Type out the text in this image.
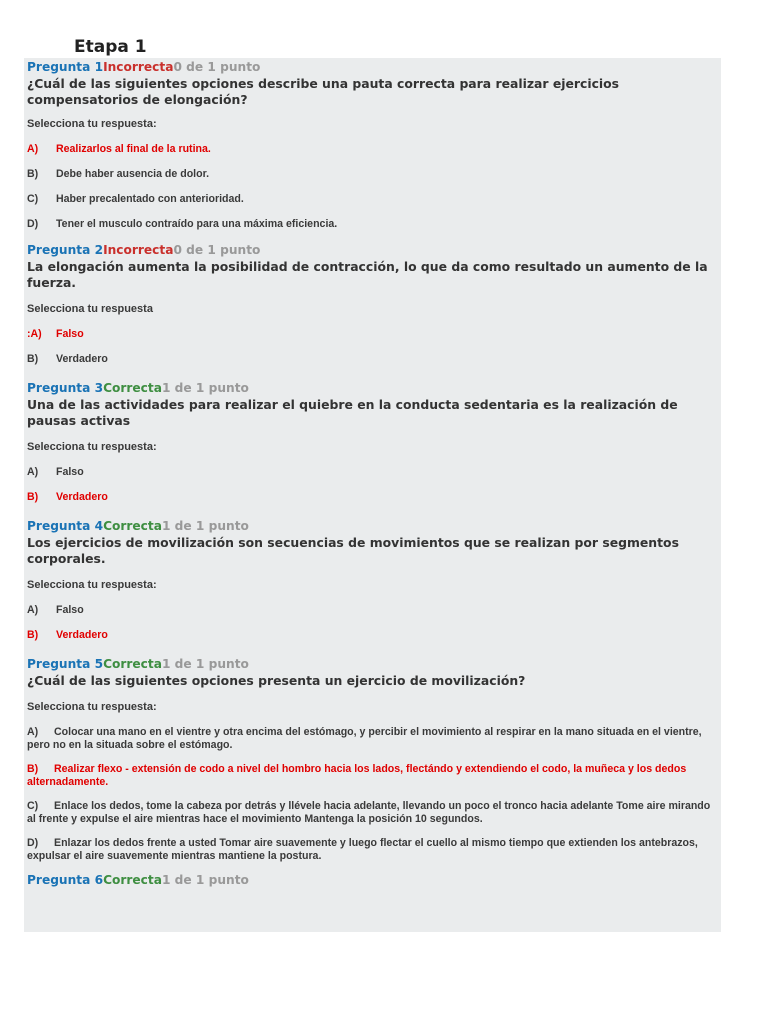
Etapa 1
Pregunta 1Incorrecta0 de 1 punto
¿Cuál de las siguientes opciones describe una pauta correcta para realizar ejercicios compensatorios de elongación?
Selecciona tu respuesta:
A)	Realizarlos al final de la rutina.
B)	Debe haber ausencia de dolor.
C)	Haber precalentado con anterioridad.
D)	Tener el musculo contraído para una máxima eficiencia.
Pregunta 2Incorrecta0 de 1 punto
La elongación aumenta la posibilidad de contracción, lo que da como resultado un aumento de la fuerza.
Selecciona tu respuesta
:A)	Falso
B)	Verdadero
Pregunta 3Correcta1 de 1 punto
Una de las actividades para realizar el quiebre en la conducta sedentaria es la realización de pausas activas
Selecciona tu respuesta:
A)	Falso
B)	Verdadero
Pregunta 4Correcta1 de 1 punto
Los ejercicios de movilización son secuencias de movimientos que se realizan por segmentos corporales.
Selecciona tu respuesta:
A)	Falso
B)	Verdadero
Pregunta 5Correcta1 de 1 punto
¿Cuál de las siguientes opciones presenta un ejercicio de movilización?
Selecciona tu respuesta:
A) Colocar una mano en el vientre y otra encima del estómago, y percibir el movimiento al respirar en la mano situada en el vientre, pero no en la situada sobre el estómago.
B) Realizar flexo - extensión de codo a nivel del hombro hacia los lados, flectándo y extendiendo el codo, la muñeca y los dedos alternadamente.
C) Enlace los dedos, tome la cabeza por detrás y llévele hacia adelante, llevando un poco el tronco hacia adelante Tome aire mirando al frente y expulse el aire mientras hace el movimiento Mantenga la posición 10 segundos.
D) Enlazar los dedos frente a usted Tomar aire suavemente y luego flectar el cuello al mismo tiempo que extienden los antebrazos, expulsar el aire suavemente mientras mantiene la postura.
Pregunta 6Correcta1 de 1 punto
